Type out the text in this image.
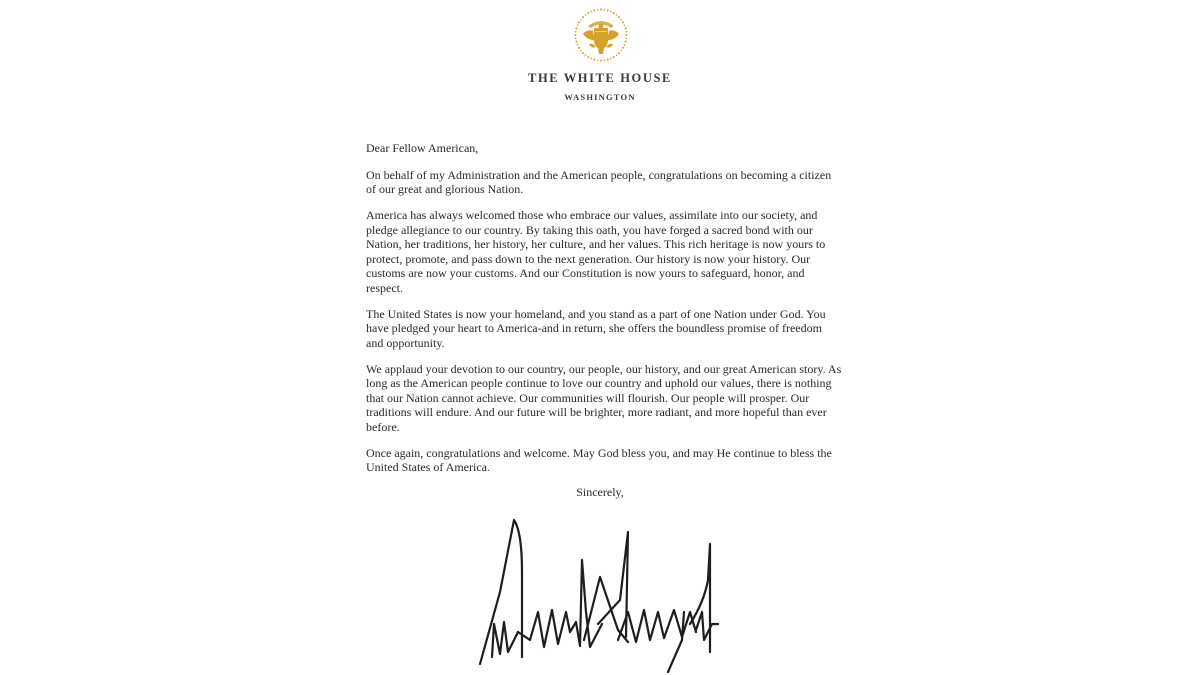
THE WHITE HOUSE
WASHINGTON

Dear Fellow American,

On behalf of my Administration and the American people, congratulations on becoming a citizen of our great and glorious Nation.

America has always welcomed those who embrace our values, assimilate into our society, and pledge allegiance to our country. By taking this oath, you have forged a sacred bond with our Nation, her traditions, her history, her culture, and her values. This rich heritage is now yours to protect, promote, and pass down to the next generation. Our history is now your history. Our customs are now your customs. And our Constitution is now yours to safeguard, honor, and respect.

The United States is now your homeland, and you stand as a part of one Nation under God. You have pledged your heart to America-and in return, she offers the boundless promise of freedom and opportunity.

We applaud your devotion to our country, our people, our history, and our great American story. As long as the American people continue to love our country and uphold our values, there is nothing that our Nation cannot achieve. Our communities will flourish. Our people will prosper. Our traditions will endure. And our future will be brighter, more radiant, and more hopeful than ever before.

Once again, congratulations and welcome. May God bless you, and may He continue to bless the United States of America.

Sincerely,
